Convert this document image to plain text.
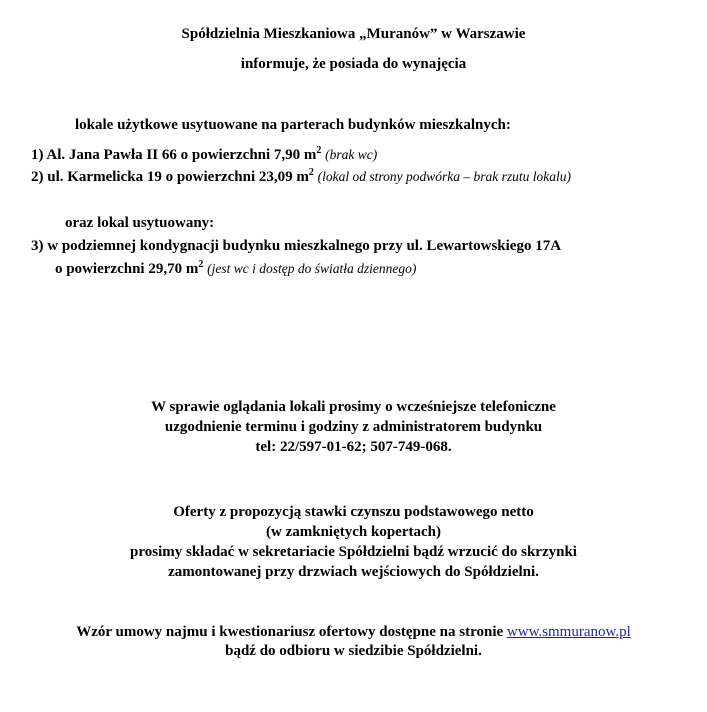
Spółdzielnia Mieszkaniowa „Muranów” w Warszawie
informuje, że posiada do wynajęcia
lokale użytkowe usytuowane na parterach budynków mieszkalnych:
1) Al. Jana Pawła II 66 o powierzchni 7,90 $m^2$ (brak wc)
2) ul. Karmelicka 19 o powierzchni 23,09 $m^2$ (lokal od strony podwórka – brak rzutu lokalu)
oraz lokal usytuowany:
3) w podziemnej kondygnacji budynku mieszkalnego przy ul. Lewartowskiego 17A
o powierzchni 29,70 $m^2$ (jest wc i dostęp do światła dziennego)
W sprawie oglądania lokali prosimy o wcześniejsze telefoniczne
uzgodnienie terminu i godziny z administratorem budynku
tel: 22/597-01-62; 507-749-068.
Oferty z propozycją stawki czynszu podstawowego netto
(w zamkniętych kopertach)
prosimy składać w sekretariacie Spółdzielni bądź wrzucić do skrzynki
zamontowanej przy drzwiach wejściowych do Spółdzielni.
Wzór umowy najmu i kwestionariusz ofertowy dostępne na stronie www.smmuranow.pl
bądź do odbioru w siedzibie Spółdzielni.
